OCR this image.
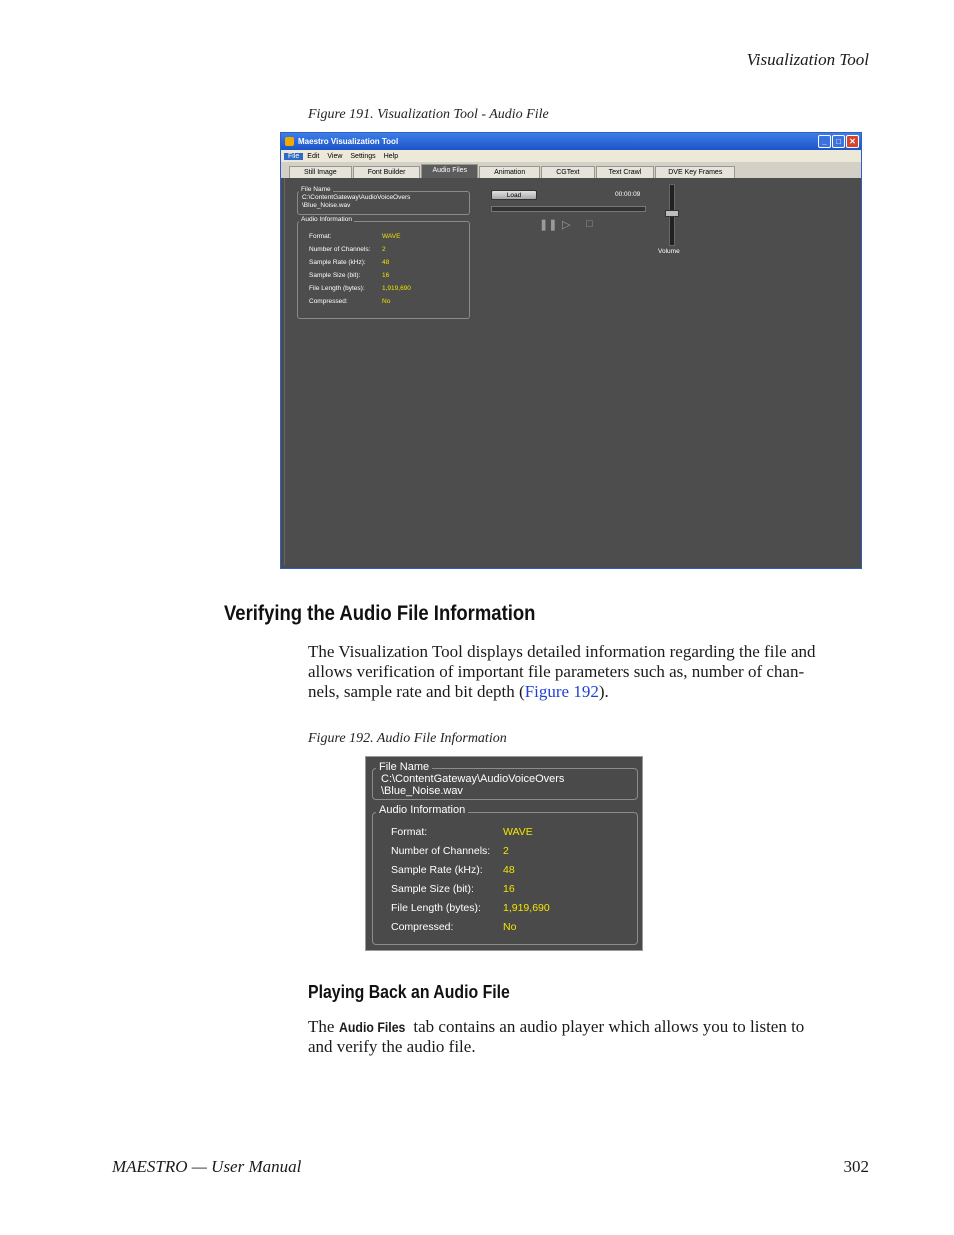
Visualization Tool
Figure 191. Visualization Tool - Audio File
Maestro Visualization Tool	_	□	✕
File	Edit	View	Settings	Help
Still Image	Font Builder	Audio Files	Animation	CGText	Text Crawl	DVE Key Frames
File Name
C:\ContentGateway\AudioVoiceOvers
\Blue_Noise.wav
Audio Information
Format:	WAVE
Number of Channels: 2
Sample Rate (kHz):	48
Sample Size (bit):	16
File Length (bytes):	1,919,690
Compressed:	No
Load	00:00:09
❚❚ ▷ □
Volume
Verifying the Audio File Information
The Visualization Tool displays detailed information regarding the file and
allows verification of important file parameters such as, number of chan-
nels, sample rate and bit depth (Figure 192).
Figure 192. Audio File Information
File Name
C:\ContentGateway\AudioVoiceOvers
\Blue_Noise.wav
Audio Information
Format:	WAVE
Number of Channels: 2
Sample Rate (kHz): 48
Sample Size (bit):	16
File Length (bytes): 1,919,690
Compressed:	No
Playing Back an Audio File
The Audio Files tab contains an audio player which allows you to listen to
and verify the audio file.
MAESTRO — User Manual	302
